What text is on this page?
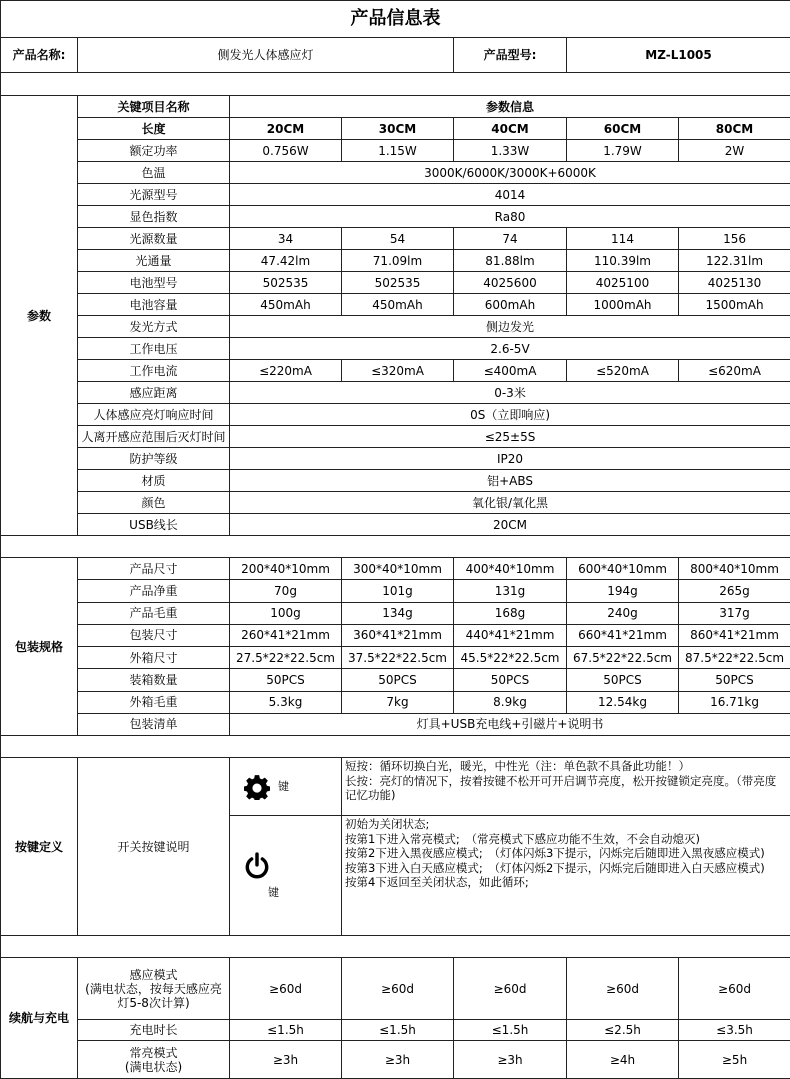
产品信息表						
产品名称:	侧发光人体感应灯			产品型号:	MZ-L1005	

参数	关键项目名称	参数信息				
	长度	20CM	30CM	40CM	60CM	80CM
	额定功率	0.756W	1.15W	1.33W	1.79W	2W
	色温	3000K/6000K/3000K+6000K				
	光源型号	4014				
	显色指数	Ra80				
	光源数量	34	54	74	114	156
	光通量	47.42lm	71.09lm	81.88lm	110.39lm	122.31lm
	电池型号	502535	502535	4025600	4025100	4025130
	电池容量	450mAh	450mAh	600mAh	1000mAh	1500mAh
	发光方式	侧边发光				
	工作电压	2.6-5V				
	工作电流	≤220mA	≤320mA	≤400mA	≤520mA	≤620mA
	感应距离	0-3米				
	人体感应亮灯响应时间	0S（立即响应)				
	人离开感应范围后灭灯时间	≤25±5S				
	防护等级	IP20				
	材质	铝+ABS				
	颜色	氧化银/氧化黑				
	USB线长	20CM				

包装规格	产品尺寸	200*40*10mm	300*40*10mm	400*40*10mm	600*40*10mm	800*40*10mm
	产品净重	70g	101g	131g	194g	265g
	产品毛重	100g	134g	168g	240g	317g
	包装尺寸	260*41*21mm	360*41*21mm	440*41*21mm	660*41*21mm	860*41*21mm
	外箱尺寸	27.5*22*22.5cm	37.5*22*22.5cm	45.5*22*22.5cm	67.5*22*22.5cm	87.5*22*22.5cm
	装箱数量	50PCS	50PCS	50PCS	50PCS	50PCS
	外箱毛重	5.3kg	7kg	8.9kg	12.54kg	16.71kg
	包装清单	灯具+USB充电线+引磁片+说明书				

按键定义	开关按键说明	键	短按：循环切换白光，暖光，中性光（注：单色款不具备此功能！）
长按：亮灯的情况下，按着按键不松开可开启调节亮度，松开按键锁定亮度。（带亮度记忆功能)			

		键	初始为关闭状态;
按第1下进入常亮模式;　（常亮模式下感应功能不生效，不会自动熄灭)
按第2下进入黑夜感应模式;　（灯体闪烁3下提示，闪烁完后随即进入黑夜感应模式)
按第3下进入白天感应模式;　（灯体闪烁2下提示，闪烁完后随即进入白天感应模式)
按第4下返回至关闭状态，如此循环;			

续航与充电	感应模式
(满电状态，按每天感应亮
灯5-8次计算)	≥60d	≥60d	≥60d	≥60d	≥60d

	充电时长	≤1.5h	≤1.5h	≤1.5h	≤2.5h	≤3.5h

	常亮模式
(满电状态)	≥3h	≥3h	≥3h	≥4h	≥5h
